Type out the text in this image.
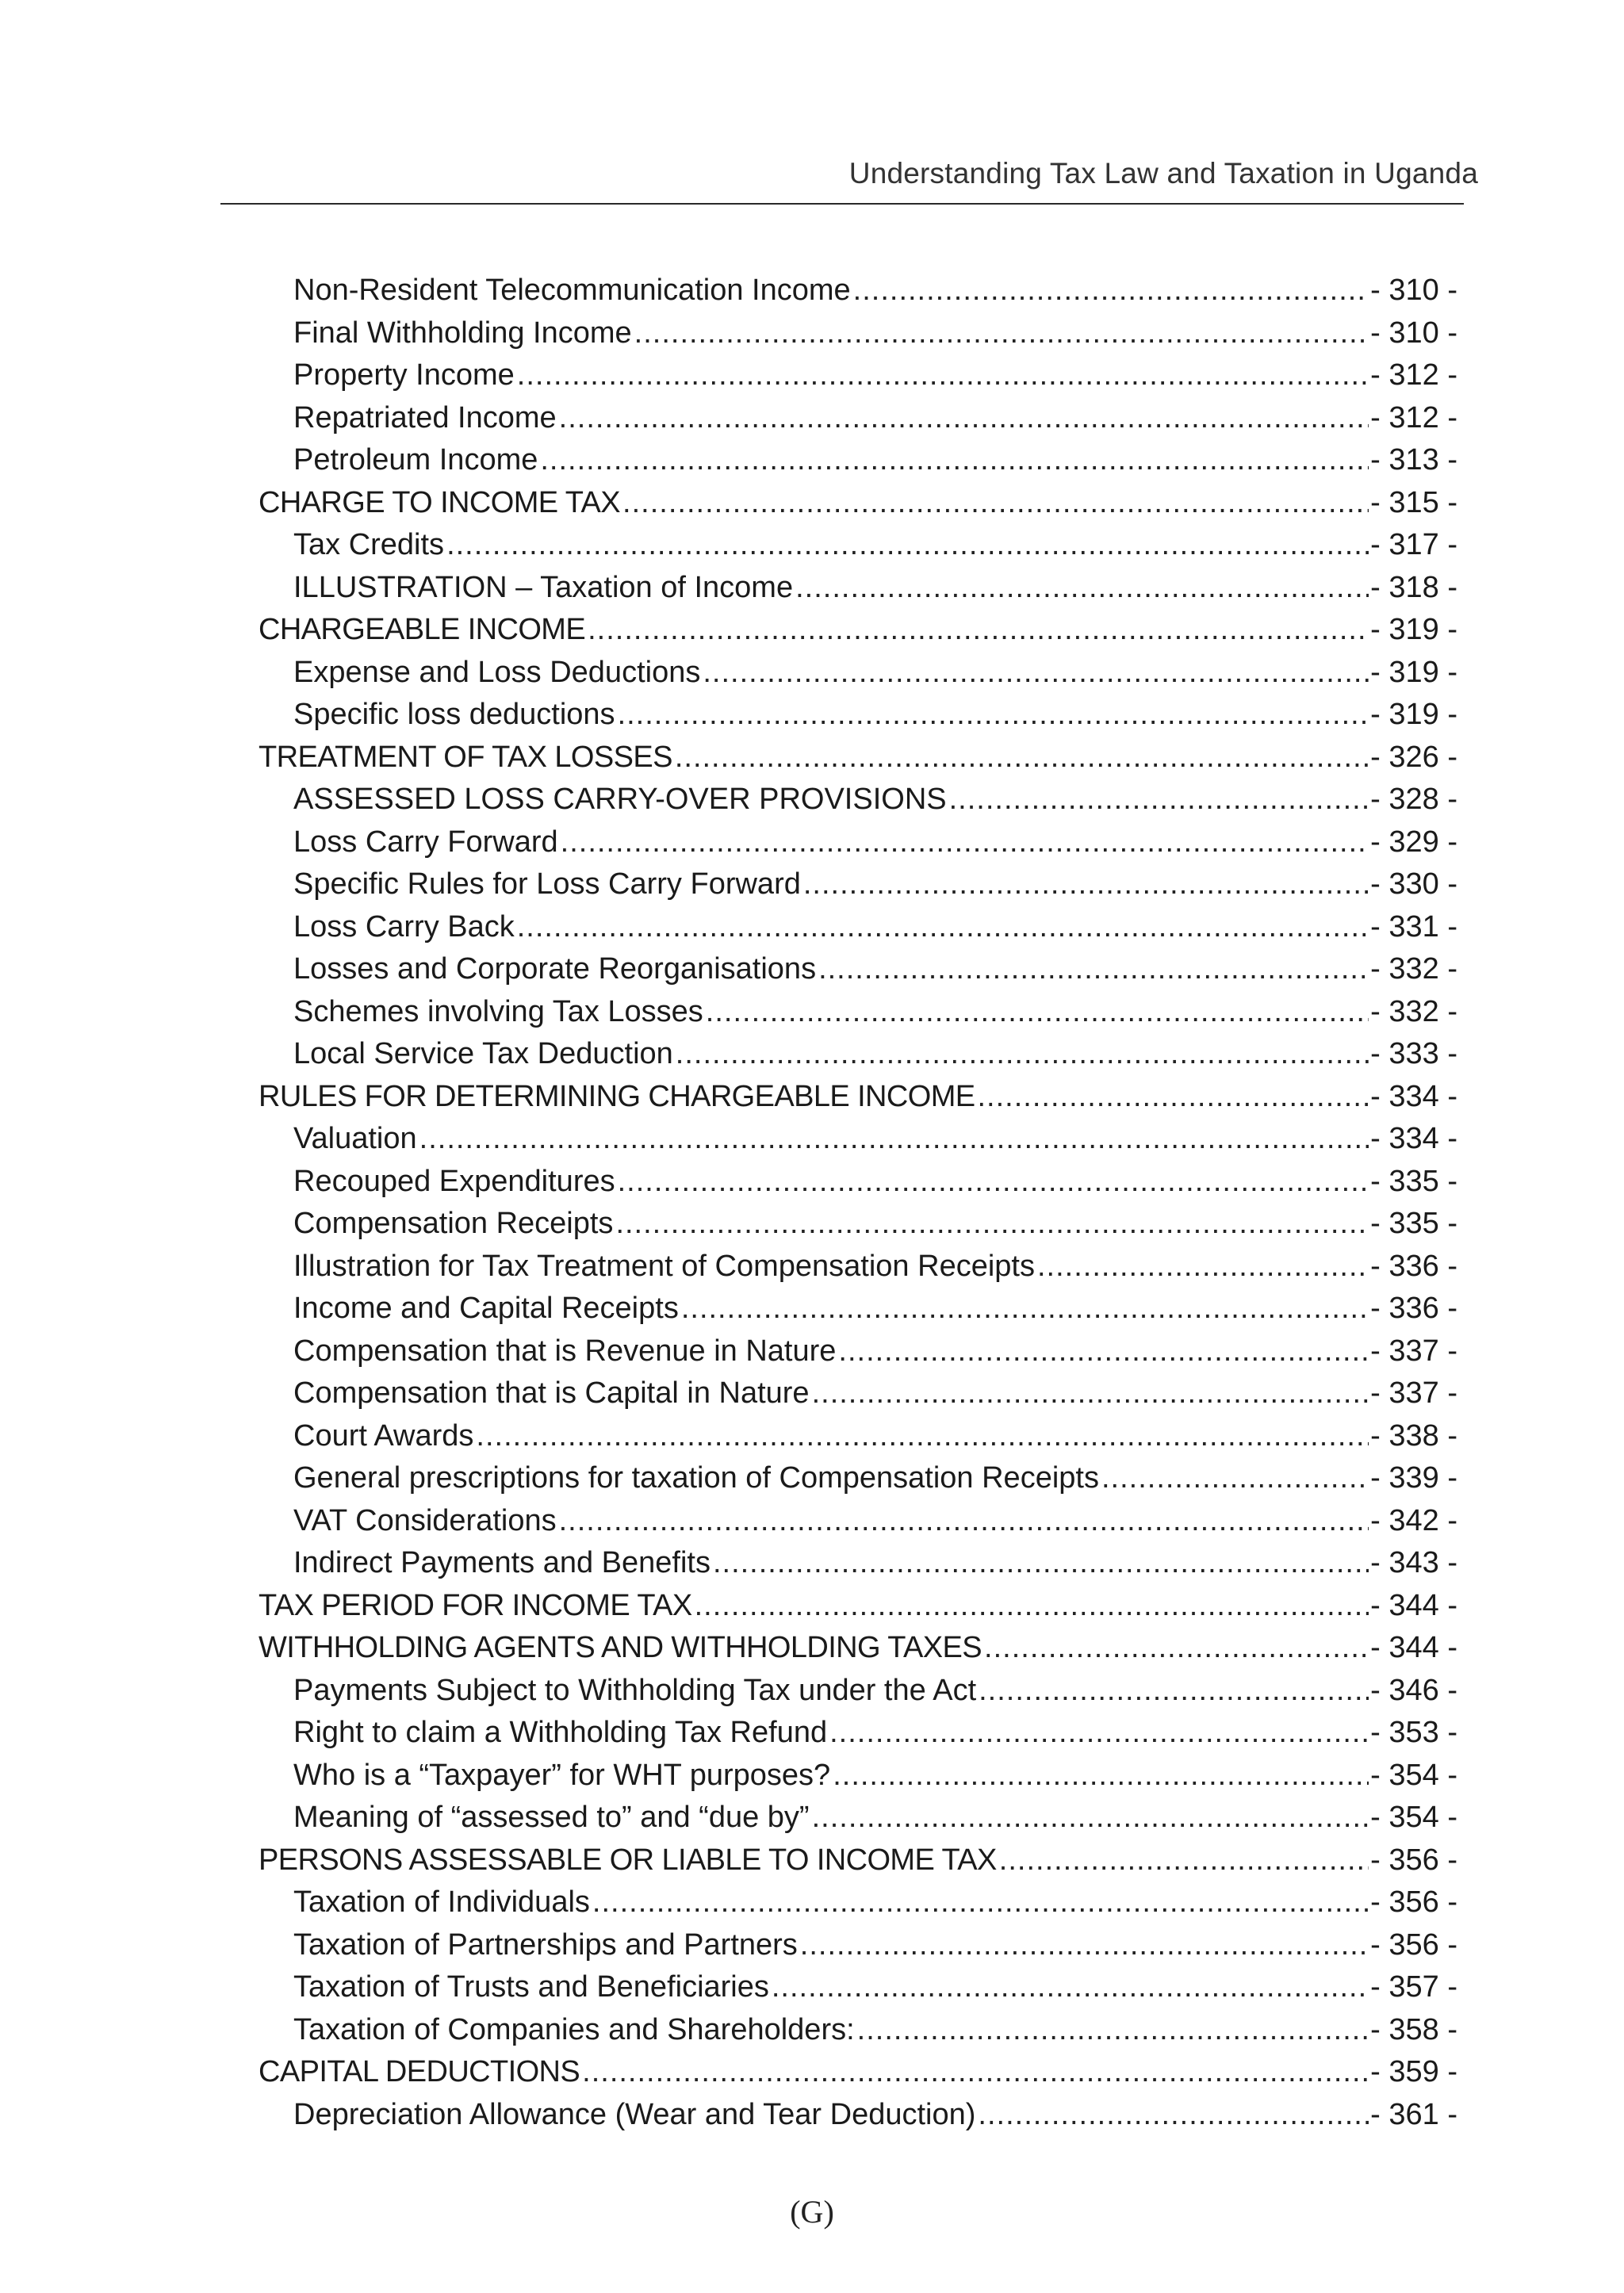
Understanding Tax Law and Taxation in Uganda
Non-Resident Telecommunication Income .....	- 310 -
Final Withholding Income .....	- 310 -
Property Income .....	- 312 -
Repatriated Income .....	- 312 -
Petroleum Income .....	- 313 -
CHARGE TO INCOME TAX .....	- 315 -
Tax Credits .....	- 317 -
ILLUSTRATION – Taxation of Income .....	- 318 -
CHARGEABLE INCOME .....	- 319 -
Expense and Loss Deductions .....	- 319 -
Specific loss deductions .....	- 319 -
TREATMENT OF TAX LOSSES .....	- 326 -
ASSESSED LOSS CARRY-OVER PROVISIONS .....	- 328 -
Loss Carry Forward .....	- 329 -
Specific Rules for Loss Carry Forward .....	- 330 -
Loss Carry Back .....	- 331 -
Losses and Corporate Reorganisations .....	- 332 -
Schemes involving Tax Losses .....	- 332 -
Local Service Tax Deduction .....	- 333 -
RULES FOR DETERMINING CHARGEABLE INCOME .....	- 334 -
Valuation .....	- 334 -
Recouped Expenditures .....	- 335 -
Compensation Receipts .....	- 335 -
Illustration for Tax Treatment of Compensation Receipts .....	- 336 -
Income and Capital Receipts .....	- 336 -
Compensation that is Revenue in Nature .....	- 337 -
Compensation that is Capital in Nature .....	- 337 -
Court Awards .....	- 338 -
General prescriptions for taxation of Compensation Receipts .....	- 339 -
VAT Considerations .....	- 342 -
Indirect Payments and Benefits .....	- 343 -
TAX PERIOD FOR INCOME TAX .....	- 344 -
WITHHOLDING AGENTS AND WITHHOLDING TAXES .....	- 344 -
Payments Subject to Withholding Tax under the Act .....	- 346 -
Right to claim a Withholding Tax Refund .....	- 353 -
Who is a “Taxpayer” for WHT purposes? .....	- 354 -
Meaning of “assessed to” and “due by” .....	- 354 -
PERSONS ASSESSABLE OR LIABLE TO INCOME TAX .....	- 356 -
Taxation of Individuals .....	- 356 -
Taxation of Partnerships and Partners .....	- 356 -
Taxation of Trusts and Beneficiaries .....	- 357 -
Taxation of Companies and Shareholders: .....	- 358 -
CAPITAL DEDUCTIONS .....	- 359 -
Depreciation Allowance (Wear and Tear Deduction) .....	- 361 -
(G)
